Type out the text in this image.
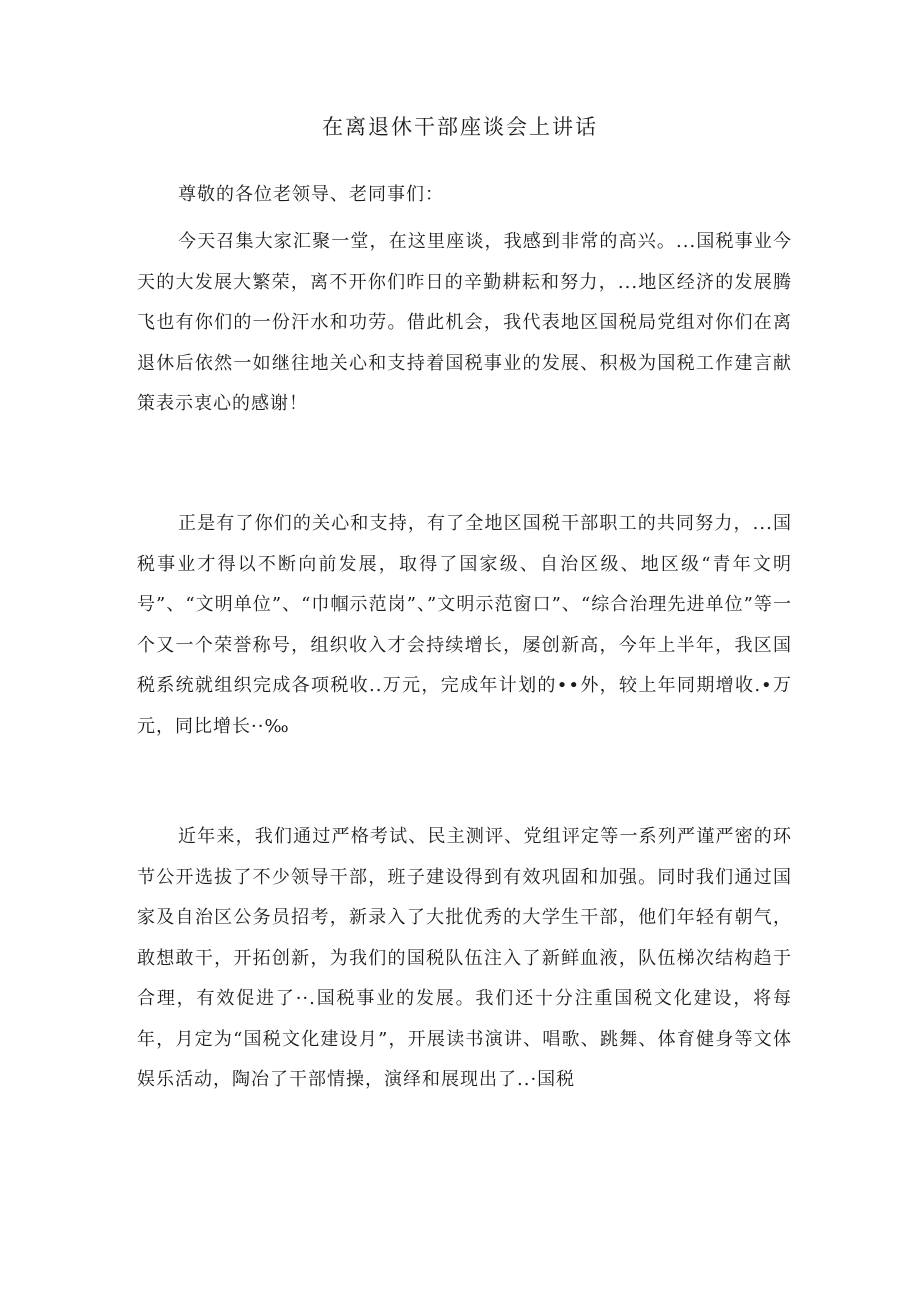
在离退休干部座谈会上讲话

尊敬的各位老领导、老同事们：

今天召集大家汇聚一堂，在这里座谈，我感到非常的高兴。...国税事业今天的大发展大繁荣，离不开你们昨日的辛勤耕耘和努力，...地区经济的发展腾飞也有你们的一份汗水和功劳。借此机会，我代表地区国税局党组对你们在离退休后依然一如继往地关心和支持着国税事业的发展、积极为国税工作建言献策表示衷心的感谢！

正是有了你们的关心和支持，有了全地区国税干部职工的共同努力，...国税事业才得以不断向前发展，取得了国家级、自治区级、地区级“青年文明号”、“文明单位”、“巾帼示范岗”、”文明示范窗口”、“综合治理先进单位”等一个又一个荣誉称号，组织收入才会持续增长，屡创新高，今年上半年，我区国税系统就组织完成各项税收..万元，完成年计划的••外，较上年同期增收.•万元，同比增长··‰

近年来，我们通过严格考试、民主测评、党组评定等一系列严谨严密的环节公开选拔了不少领导干部，班子建设得到有效巩固和加强。同时我们通过国家及自治区公务员招考，新录入了大批优秀的大学生干部，他们年轻有朝气，敢想敢干，开拓创新，为我们的国税队伍注入了新鲜血液，队伍梯次结构趋于合理，有效促进了··.国税事业的发展。我们还十分注重国税文化建设，将每年，月定为“国税文化建设月”，开展读书演讲、唱歌、跳舞、体育健身等文体娱乐活动，陶冶了干部情操，演绎和展现出了..·国税
